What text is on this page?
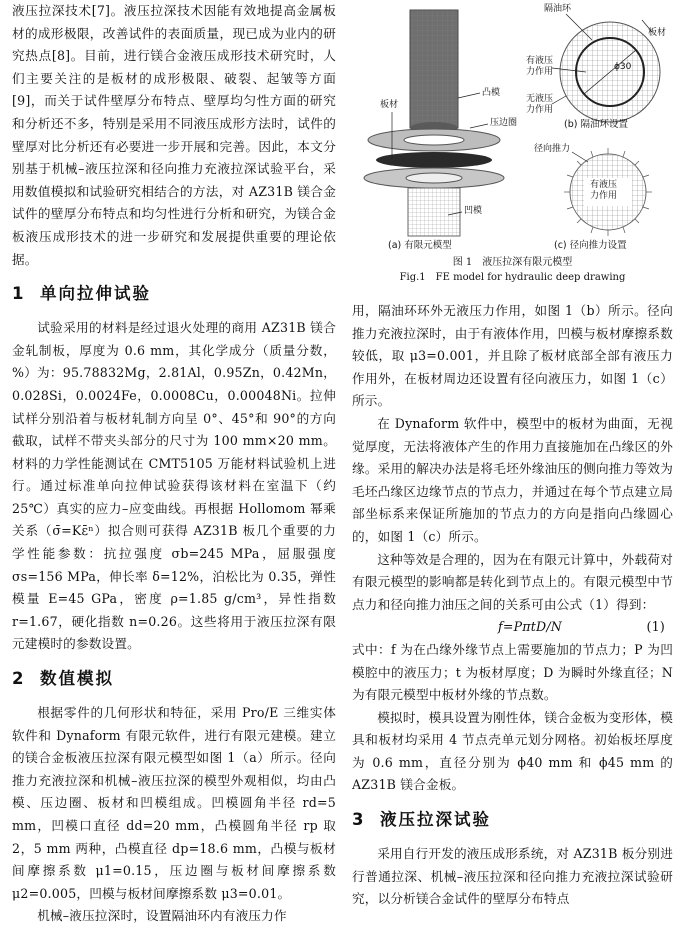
液压拉深技术[7]。液压拉深技术因能有效地提高金属板材的成形极限，改善试件的表面质量，现已成为业内的研究热点[8]。目前，进行镁合金液压成形技术研究时，人们主要关注的是板材的成形极限、破裂、起皱等方面[9]，而关于试件壁厚分布特点、壁厚均匀性方面的研究和分析还不多，特别是采用不同液压成形方法时，试件的壁厚对比分析还有必要进一步开展和完善。因此，本文分别基于机械–液压拉深和径向推力充液拉深试验平台，采用数值模拟和试验研究相结合的方法，对 AZ31B 镁合金试件的壁厚分布特点和均匀性进行分析和研究，为镁合金板液压成形技术的进一步研究和发展提供重要的理论依据。

1 单向拉伸试验

试验采用的材料是经过退火处理的商用 AZ31B 镁合金轧制板，厚度为 0.6 mm，其化学成分（质量分数，%）为：95.78832Mg，2.81Al，0.95Zn，0.42Mn，0.028Si，0.0024Fe，0.0008Cu，0.00048Ni。拉伸试样分别沿着与板材轧制方向呈 0°、45°和 90°的方向截取，试样不带夹头部分的尺寸为 100 mm×20 mm。材料的力学性能测试在 CMT5105 万能材料试验机上进行。通过标准单向拉伸试验获得该材料在室温下（约 25℃）真实的应力–应变曲线。再根据 Hollomom 幂乘关系（σ̄=Kε̄ⁿ）拟合则可获得 AZ31B 板几个重要的力学性能参数：抗拉强度 σb=245 MPa，屈服强度 σs=156 MPa，伸长率 δ=12%，泊松比为 0.35，弹性模量 E=45 GPa，密度 ρ=1.85 g/cm³，异性指数 r=1.67，硬化指数 n=0.26。这些将用于液压拉深有限元建模时的参数设置。

2 数值模拟

根据零件的几何形状和特征，采用 Pro/E 三维实体软件和 Dynaform 有限元软件，进行有限元建模。建立的镁合金板液压拉深有限元模型如图 1（a）所示。径向推力充液拉深和机械–液压拉深的模型外观相似，均由凸模、压边圈、板材和凹模组成。凹模圆角半径 rd=5 mm，凹模口直径 dd=20 mm，凸模圆角半径 rp 取 2，5 mm 两种，凸模直径 dp=18.6 mm，凸模与板材间摩擦系数 μ1=0.15，压边圈与板材间摩擦系数 μ2=0.005，凹模与板材间摩擦系数 μ3=0.01。

机械–液压拉深时，设置隔油环内有液压力作

凸模
板材
压边圈
凹模
隔油环
板材
有液压
力作用
无液压
力作用
ϕ30
径向推力
有液压
力作用
(a) 有限元模型
(b) 隔油环设置
(c) 径向推力设置
图 1　液压拉深有限元模型
Fig.1　FE model for hydraulic deep drawing

用，隔油环环外无液压力作用，如图 1（b）所示。径向推力充液拉深时，由于有液体作用，凹模与板材摩擦系数较低，取 μ3=0.001，并且除了板材底部全部有液压力作用外，在板材周边还设置有径向液压力，如图 1（c）所示。

在 Dynaform 软件中，模型中的板材为曲面，无视觉厚度，无法将液体产生的作用力直接施加在凸缘区的外缘。采用的解决办法是将毛坯外缘油压的侧向推力等效为毛坯凸缘区边缘节点的节点力，并通过在每个节点建立局部坐标系来保证所施加的节点力的方向是指向凸缘圆心的，如图 1（c）所示。

这种等效是合理的，因为在有限元计算中，外载荷对有限元模型的影响都是转化到节点上的。有限元模型中节点力和径向推力油压之间的关系可由公式（1）得到：

f=PπtD/N	(1)

式中：f 为在凸缘外缘节点上需要施加的节点力；P 为凹模腔中的液压力；t 为板材厚度；D 为瞬时外缘直径；N 为有限元模型中板材外缘的节点数。

模拟时，模具设置为刚性体，镁合金板为变形体，模具和板材均采用 4 节点壳单元划分网格。初始板坯厚度为 0.6 mm，直径分别为 ϕ40 mm 和 ϕ45 mm 的 AZ31B 镁合金板。

3 液压拉深试验

采用自行开发的液压成形系统，对 AZ31B 板分别进行普通拉深、机械–液压拉深和径向推力充液拉深试验研究，以分析镁合金试件的壁厚分布特点
